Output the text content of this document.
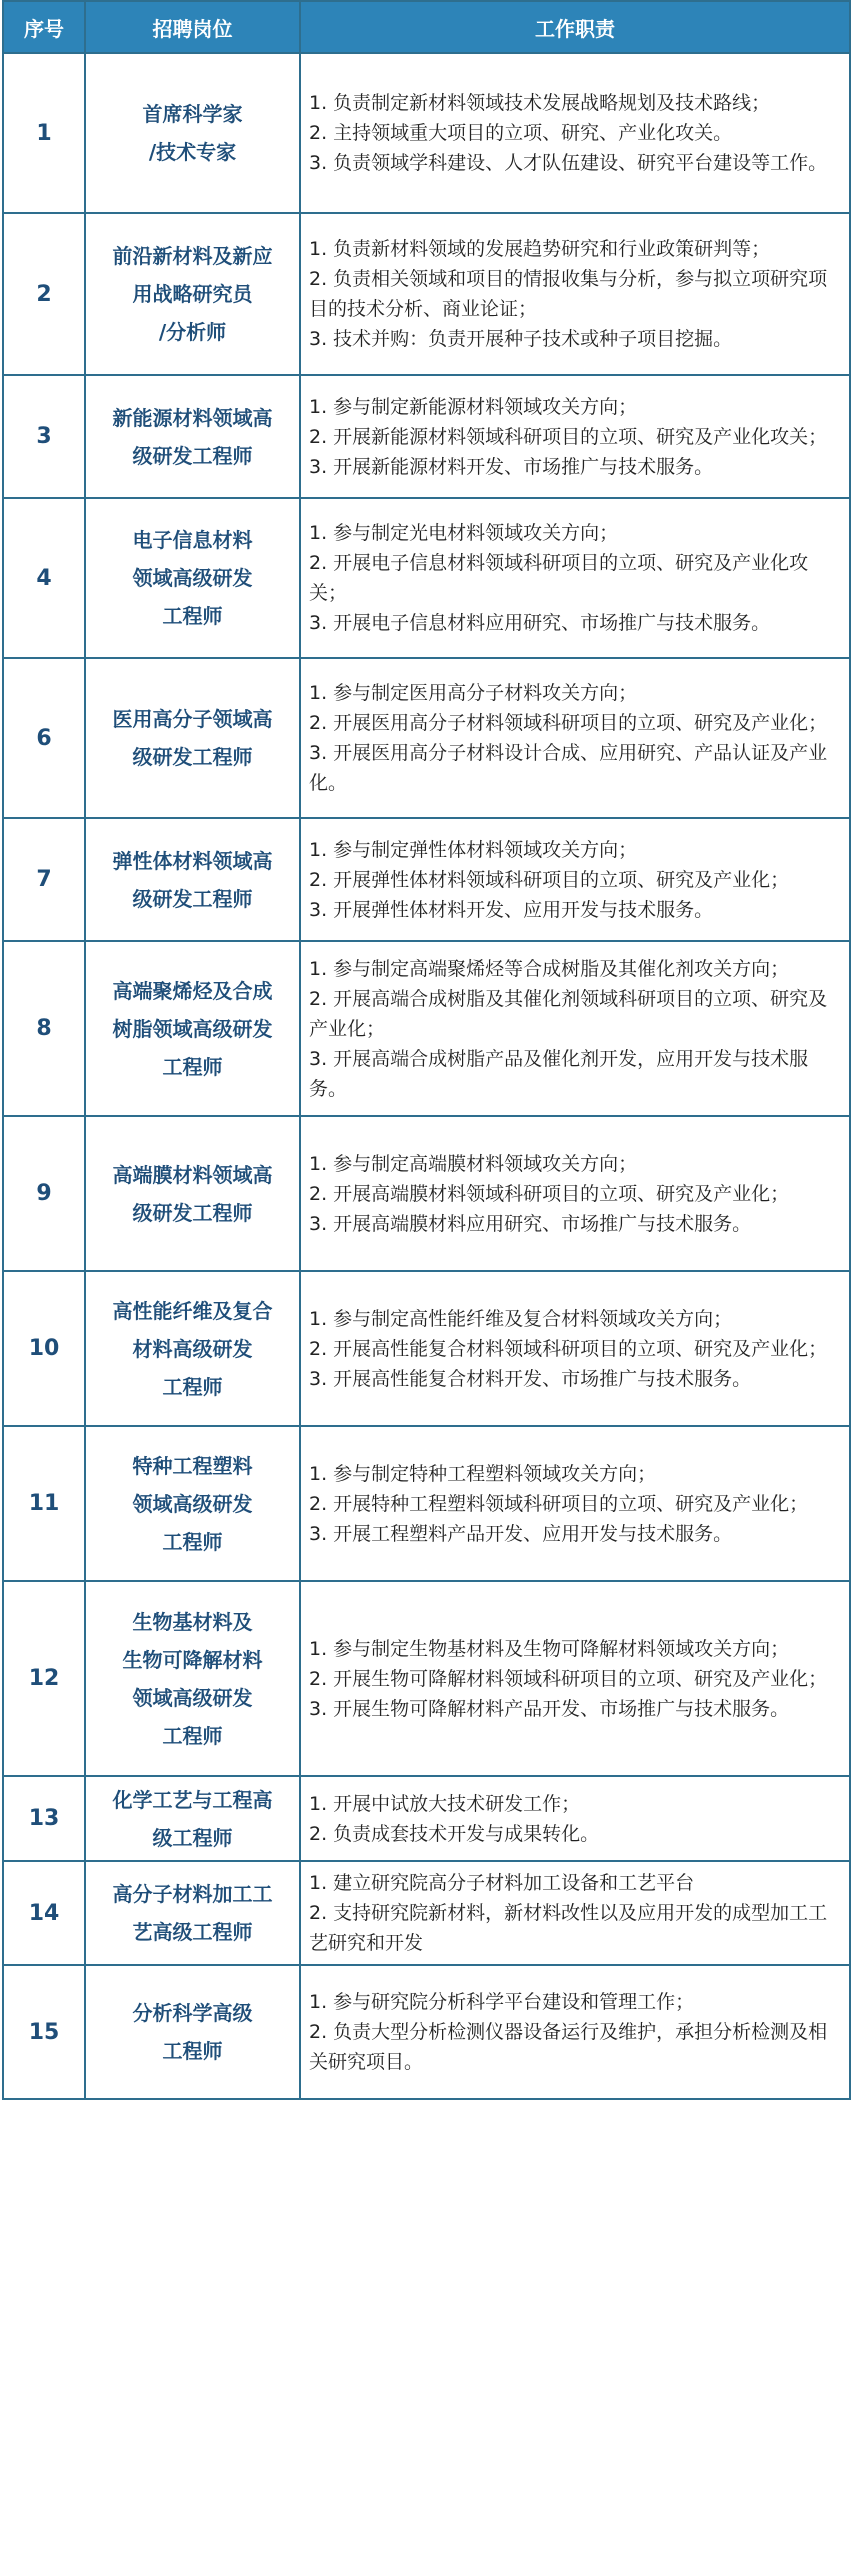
序号	招聘岗位	工作职责
1	首席科学家
/技术专家	1. 负责制定新材料领域技术发展战略规划及技术路线；
2. 主持领域重大项目的立项、研究、产业化攻关。
3. 负责领域学科建设、人才队伍建设、研究平台建设等工作。

2	前沿新材料及新应
用战略研究员
/分析师	1. 负责新材料领域的发展趋势研究和行业政策研判等；
2. 负责相关领域和项目的情报收集与分析，参与拟立项研究项目的技术分析、商业论证；
3. 技术并购：负责开展种子技术或种子项目挖掘。

3	新能源材料领域高
级研发工程师	1. 参与制定新能源材料领域攻关方向；
2. 开展新能源材料领域科研项目的立项、研究及产业化攻关；
3. 开展新能源材料开发、市场推广与技术服务。

4	电子信息材料
领域高级研发
工程师	1. 参与制定光电材料领域攻关方向；
2. 开展电子信息材料领域科研项目的立项、研究及产业化攻关；
3. 开展电子信息材料应用研究、市场推广与技术服务。

6	医用高分子领域高
级研发工程师	1. 参与制定医用高分子材料攻关方向；
2. 开展医用高分子材料领域科研项目的立项、研究及产业化；
3. 开展医用高分子材料设计合成、应用研究、产品认证及产业化。

7	弹性体材料领域高
级研发工程师	1. 参与制定弹性体材料领域攻关方向；
2. 开展弹性体材料领域科研项目的立项、研究及产业化；
3. 开展弹性体材料开发、应用开发与技术服务。

8	高端聚烯烃及合成
树脂领域高级研发
工程师	1. 参与制定高端聚烯烃等合成树脂及其催化剂攻关方向；
2. 开展高端合成树脂及其催化剂领域科研项目的立项、研究及产业化；
3. 开展高端合成树脂产品及催化剂开发，应用开发与技术服务。

9	高端膜材料领域高
级研发工程师	1. 参与制定高端膜材料领域攻关方向；
2. 开展高端膜材料领域科研项目的立项、研究及产业化；
3. 开展高端膜材料应用研究、市场推广与技术服务。

10	高性能纤维及复合
材料高级研发
工程师	1. 参与制定高性能纤维及复合材料领域攻关方向；
2. 开展高性能复合材料领域科研项目的立项、研究及产业化；
3. 开展高性能复合材料开发、市场推广与技术服务。

11	特种工程塑料
领域高级研发
工程师	1. 参与制定特种工程塑料领域攻关方向；
2. 开展特种工程塑料领域科研项目的立项、研究及产业化；
3. 开展工程塑料产品开发、应用开发与技术服务。

12	生物基材料及
生物可降解材料
领域高级研发
工程师	1. 参与制定生物基材料及生物可降解材料领域攻关方向；
2. 开展生物可降解材料领域科研项目的立项、研究及产业化；
3. 开展生物可降解材料产品开发、市场推广与技术服务。

13	化学工艺与工程高
级工程师	1. 开展中试放大技术研发工作；
2. 负责成套技术开发与成果转化。

14	高分子材料加工工
艺高级工程师	1. 建立研究院高分子材料加工设备和工艺平台
2. 支持研究院新材料，新材料改性以及应用开发的成型加工工艺研究和开发

15	分析科学高级
工程师	1. 参与研究院分析科学平台建设和管理工作；
2. 负责大型分析检测仪器设备运行及维护，承担分析检测及相关研究项目。
